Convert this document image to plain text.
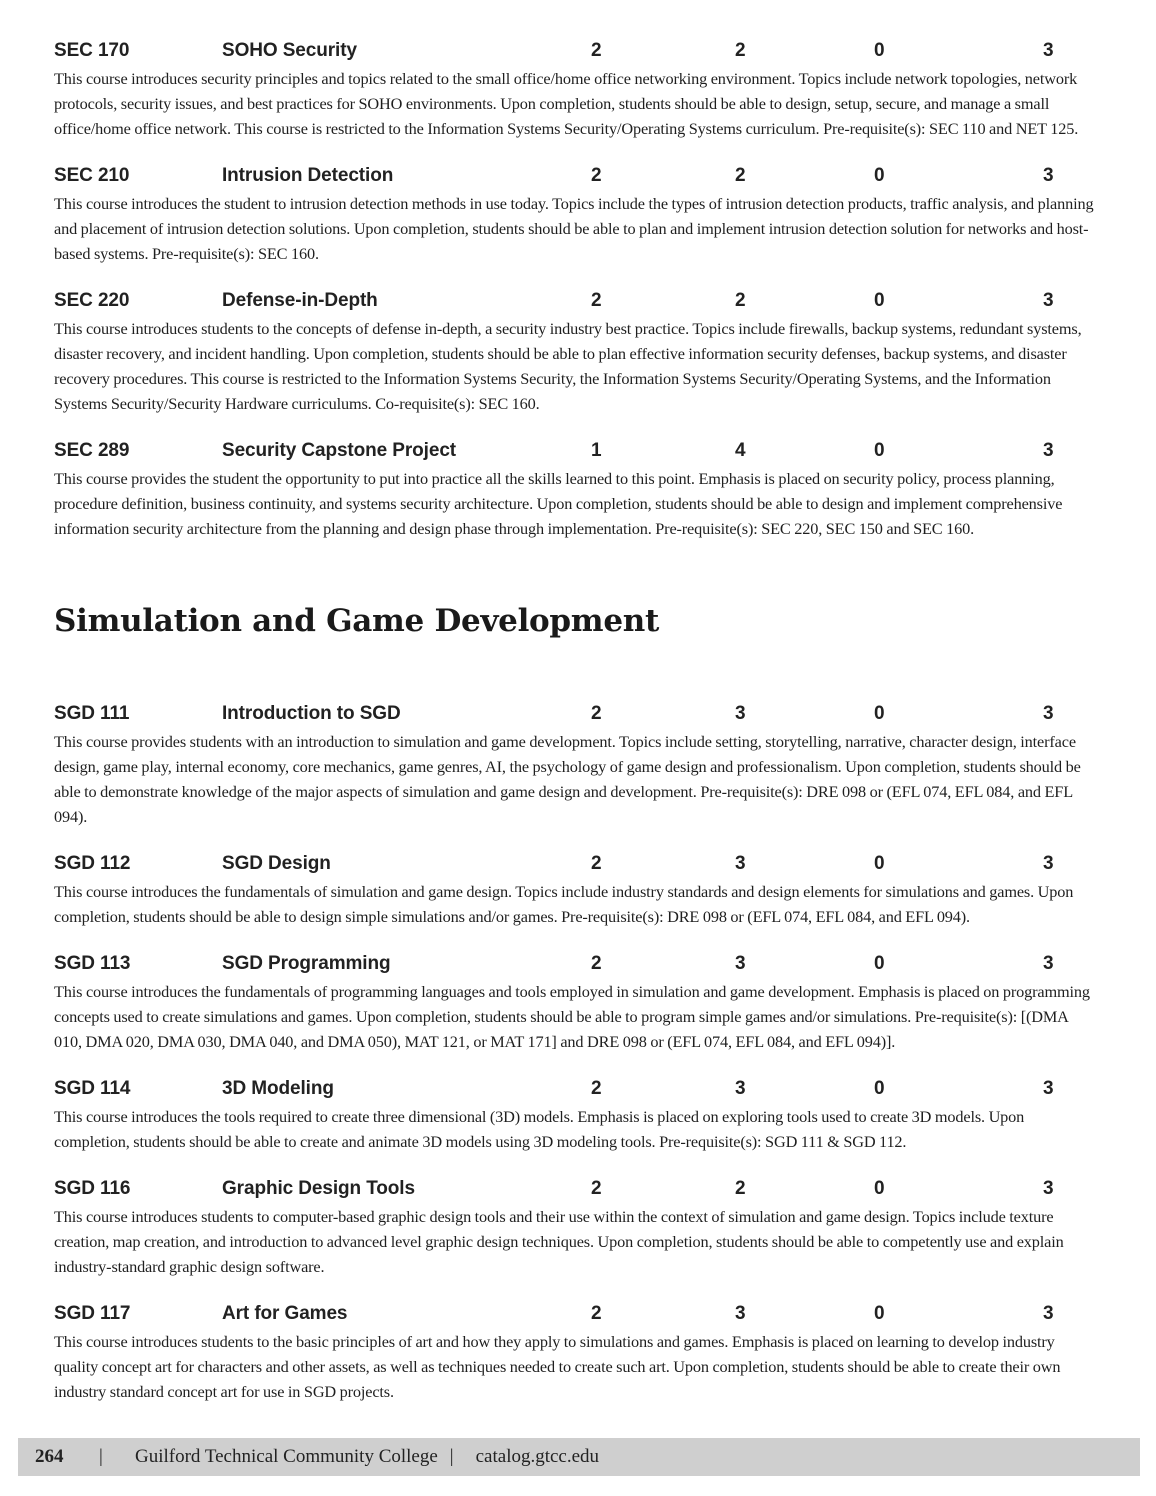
SEC 170	SOHO Security	2	2	0	3

This course introduces security principles and topics related to the small office/home office networking environment. Topics include network topologies, network protocols, security issues, and best practices for SOHO environments. Upon completion, students should be able to design, setup, secure, and manage a small office/home office network. This course is restricted to the Information Systems Security/Operating Systems curriculum. Pre-requisite(s): SEC 110 and NET 125.

SEC 210	Intrusion Detection	2	2	0	3

This course introduces the student to intrusion detection methods in use today. Topics include the types of intrusion detection products, traffic analysis, and planning and placement of intrusion detection solutions. Upon completion, students should be able to plan and implement intrusion detection solution for networks and host-based systems. Pre-requisite(s): SEC 160.

SEC 220	Defense-in-Depth	2	2	0	3

This course introduces students to the concepts of defense in-depth, a security industry best practice. Topics include firewalls, backup systems, redundant systems, disaster recovery, and incident handling. Upon completion, students should be able to plan effective information security defenses, backup systems, and disaster recovery procedures. This course is restricted to the Information Systems Security, the Information Systems Security/Operating Systems, and the Information Systems Security/Security Hardware curriculums. Co-requisite(s): SEC 160.

SEC 289	Security Capstone Project	1	4	0	3

This course provides the student the opportunity to put into practice all the skills learned to this point. Emphasis is placed on security policy, process planning, procedure definition, business continuity, and systems security architecture. Upon completion, students should be able to design and implement comprehensive information security architecture from the planning and design phase through implementation. Pre-requisite(s): SEC 220, SEC 150 and SEC 160.

Simulation and Game Development
SGD 111	Introduction to SGD	2	3	0	3

This course provides students with an introduction to simulation and game development. Topics include setting, storytelling, narrative, character design, interface design, game play, internal economy, core mechanics, game genres, AI, the psychology of game design and professionalism. Upon completion, students should be able to demonstrate knowledge of the major aspects of simulation and game design and development. Pre-requisite(s): DRE 098 or (EFL 074, EFL 084, and EFL 094).

SGD 112	SGD Design	2	3	0	3

This course introduces the fundamentals of simulation and game design. Topics include industry standards and design elements for simulations and games. Upon completion, students should be able to design simple simulations and/or games. Pre-requisite(s): DRE 098 or (EFL 074, EFL 084, and EFL 094).

SGD 113	SGD Programming	2	3	0	3

This course introduces the fundamentals of programming languages and tools employed in simulation and game development. Emphasis is placed on programming concepts used to create simulations and games. Upon completion, students should be able to program simple games and/or simulations. Pre-requisite(s): [(DMA 010, DMA 020, DMA 030, DMA 040, and DMA 050), MAT 121, or MAT 171] and DRE 098 or (EFL 074, EFL 084, and EFL 094)].

SGD 114	3D Modeling	2	3	0	3

This course introduces the tools required to create three dimensional (3D) models. Emphasis is placed on exploring tools used to create 3D models. Upon completion, students should be able to create and animate 3D models using 3D modeling tools. Pre-requisite(s): SGD 111 & SGD 112.

SGD 116	Graphic Design Tools	2	2	0	3

This course introduces students to computer-based graphic design tools and their use within the context of simulation and game design. Topics include texture creation, map creation, and introduction to advanced level graphic design techniques. Upon completion, students should be able to competently use and explain industry-standard graphic design software.

SGD 117	Art for Games	2	3	0	3

This course introduces students to the basic principles of art and how they apply to simulations and games. Emphasis is placed on learning to develop industry quality concept art for characters and other assets, as well as techniques needed to create such art. Upon completion, students should be able to create their own industry standard concept art for use in SGD projects.

264	|	Guilford Technical Community College | catalog.gtcc.edu
